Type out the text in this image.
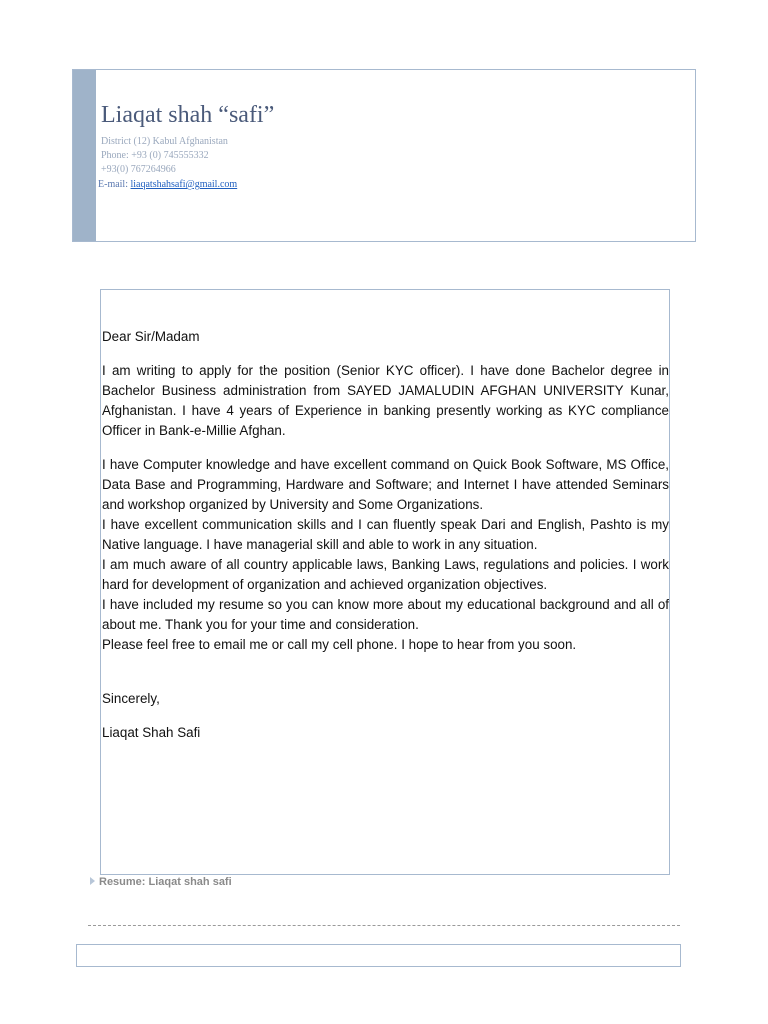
Liaqat shah “safi”
District (12) Kabul Afghanistan
Phone: +93 (0) 745555332
+93(0) 767264966
E-mail: liaqatshahsafi@gmail.com
Dear Sir/Madam
I am writing to apply for the position (Senior KYC officer). I have done Bachelor degree in Bachelor Business administration from SAYED JAMALUDIN AFGHAN UNIVERSITY Kunar, Afghanistan. I have 4 years of Experience in banking presently working as KYC compliance Officer in Bank-e-Millie Afghan.

I have Computer knowledge and have excellent command on Quick Book Software, MS Office, Data Base and Programming, Hardware and Software; and Internet I have attended Seminars and workshop organized by University and Some Organizations.

I have excellent communication skills and I can fluently speak Dari and English, Pashto is my Native language. I have managerial skill and able to work in any situation.

I am much aware of all country applicable laws, Banking Laws, regulations and policies. I work hard for development of organization and achieved organization objectives.

I have included my resume so you can know more about my educational background and all of about me. Thank you for your time and consideration.

Please feel free to email me or call my cell phone. I hope to hear from you soon.

Sincerely,
Liaqat Shah Safi
Resume: Liaqat shah safi
